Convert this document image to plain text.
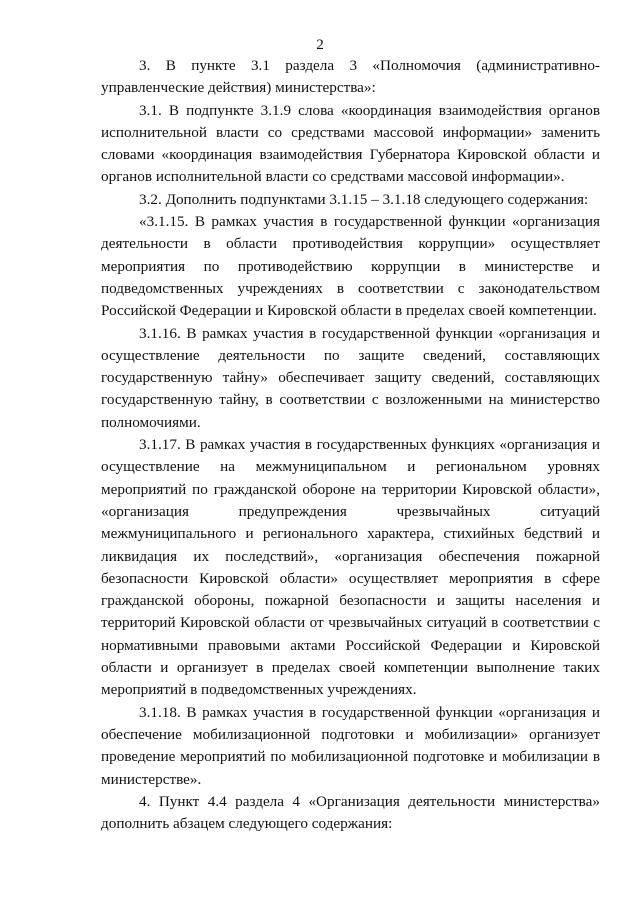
2

3. В пункте 3.1 раздела 3 «Полномочия (административно-управленческие действия) министерства»:

3.1. В подпункте 3.1.9 слова «координация взаимодействия органов исполнительной власти со средствами массовой информации» заменить словами «координация взаимодействия Губернатора Кировской области и органов исполнительной власти со средствами массовой информации».

3.2. Дополнить подпунктами 3.1.15 – 3.1.18 следующего содержания:

«3.1.15. В рамках участия в государственной функции «организация деятельности в области противодействия коррупции» осуществляет мероприятия по противодействию коррупции в министерстве и подведомственных учреждениях в соответствии с законодательством Российской Федерации и Кировской области в пределах своей компетенции.

3.1.16. В рамках участия в государственной функции «организация и осуществление деятельности по защите сведений, составляющих государственную тайну» обеспечивает защиту сведений, составляющих государственную тайну, в соответствии с возложенными на министерство полномочиями.

3.1.17. В рамках участия в государственных функциях «организация и осуществление на межмуниципальном и региональном уровнях мероприятий по гражданской обороне на территории Кировской области», «организация предупреждения чрезвычайных ситуаций межмуниципального и регионального характера, стихийных бедствий и ликвидация их последствий», «организация обеспечения пожарной безопасности Кировской области» осуществляет мероприятия в сфере гражданской обороны, пожарной безопасности и защиты населения и территорий Кировской области от чрезвычайных ситуаций в соответствии с нормативными правовыми актами Российской Федерации и Кировской области и организует в пределах своей компетенции выполнение таких мероприятий в подведомственных учреждениях.

3.1.18. В рамках участия в государственной функции «организация и обеспечение мобилизационной подготовки и мобилизации» организует проведение мероприятий по мобилизационной подготовке и мобилизации в министерстве».

4. Пункт 4.4 раздела 4 «Организация деятельности министерства» дополнить абзацем следующего содержания:
